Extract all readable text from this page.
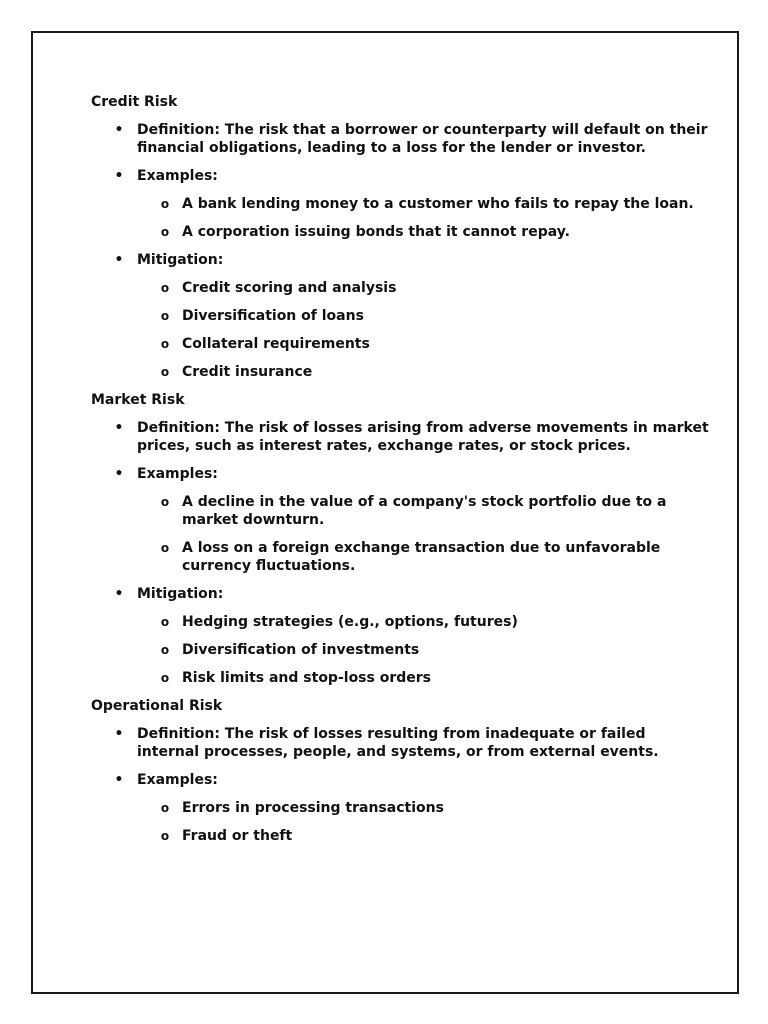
Credit Risk
• Definition: The risk that a borrower or counterparty will default on their financial obligations, leading to a loss for the lender or investor.
• Examples:
o A bank lending money to a customer who fails to repay the loan.
o A corporation issuing bonds that it cannot repay.
• Mitigation:
o Credit scoring and analysis
o Diversification of loans
o Collateral requirements
o Credit insurance
Market Risk
• Definition: The risk of losses arising from adverse movements in market prices, such as interest rates, exchange rates, or stock prices.
• Examples:
o A decline in the value of a company's stock portfolio due to a market downturn.
o A loss on a foreign exchange transaction due to unfavorable currency fluctuations.
• Mitigation:
o Hedging strategies (e.g., options, futures)
o Diversification of investments
o Risk limits and stop-loss orders
Operational Risk
• Definition: The risk of losses resulting from inadequate or failed internal processes, people, and systems, or from external events.
• Examples:
o Errors in processing transactions
o Fraud or theft
